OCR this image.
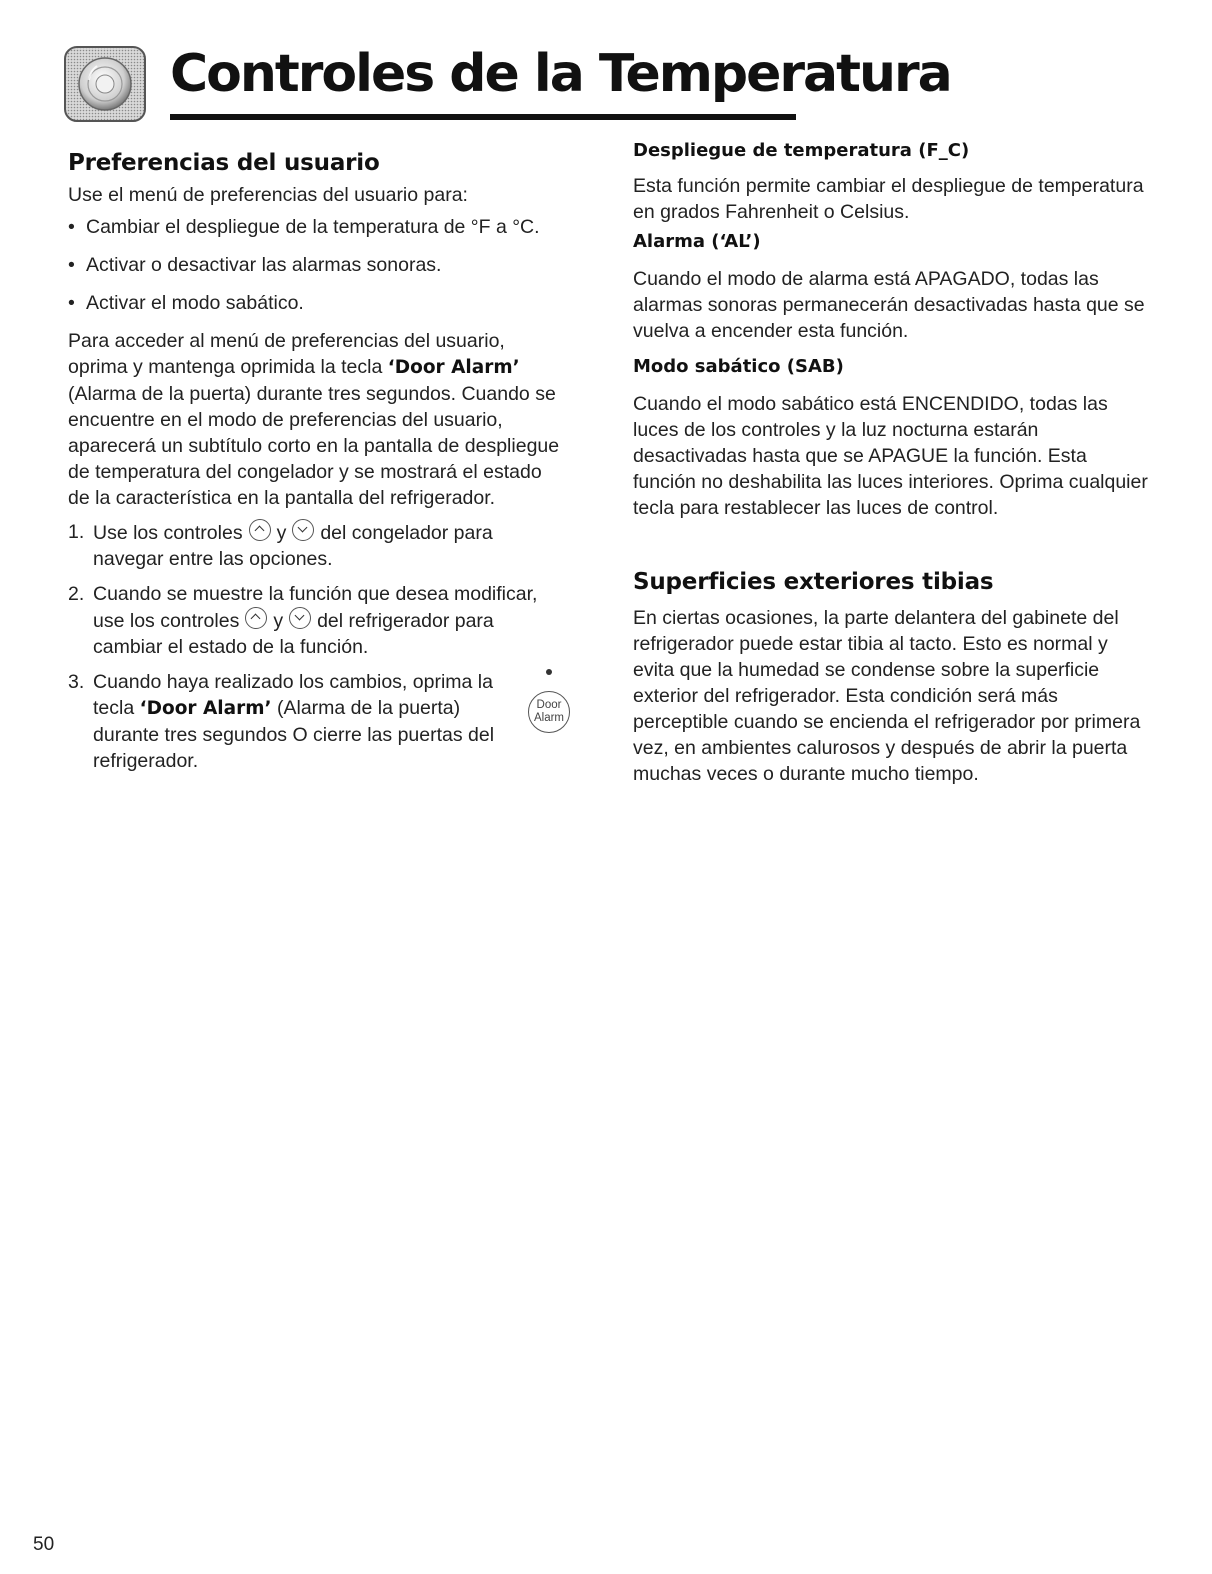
Controles de la Temperatura
Preferencias del usuario

Use el menú de preferencias del usuario para:

• Cambiar el despliegue de la temperatura de °F a °C.
• Activar o desactivar las alarmas sonoras.
• Activar el modo sabático.

Para acceder al menú de preferencias del usuario, oprima y mantenga oprimida la tecla ‘Door Alarm’ (Alarma de la puerta) durante tres segundos. Cuando se encuentre en el modo de preferencias del usuario, aparecerá un subtítulo corto en la pantalla de despliegue de temperatura del congelador y se mostrará el estado de la característica en la pantalla del refrigerador.

1. Use los controles y del congelador para navegar entre las opciones.
2. Cuando se muestre la función que desea modificar, use los controles y del refrigerador para cambiar el estado de la función.
3. Cuando haya realizado los cambios, oprima la tecla ‘Door Alarm’ (Alarma de la puerta) durante tres segundos O cierre las puertas del refrigerador.
Door
Alarm
Despliegue de temperatura (F_C)

Esta función permite cambiar el despliegue de temperatura en grados Fahrenheit o Celsius.

Alarma (‘AL’)

Cuando el modo de alarma está APAGADO, todas las alarmas sonoras permanecerán desactivadas hasta que se vuelva a encender esta función.

Modo sabático (SAB)

Cuando el modo sabático está ENCENDIDO, todas las luces de los controles y la luz nocturna estarán desactivadas hasta que se APAGUE la función. Esta función no deshabilita las luces interiores. Oprima cualquier tecla para restablecer las luces de control.

Superficies exteriores tibias

En ciertas ocasiones, la parte delantera del gabinete del refrigerador puede estar tibia al tacto. Esto es normal y evita que la humedad se condense sobre la superficie exterior del refrigerador. Esta condición será más perceptible cuando se encienda el refrigerador por primera vez, en ambientes calurosos y después de abrir la puerta muchas veces o durante mucho tiempo.

50
